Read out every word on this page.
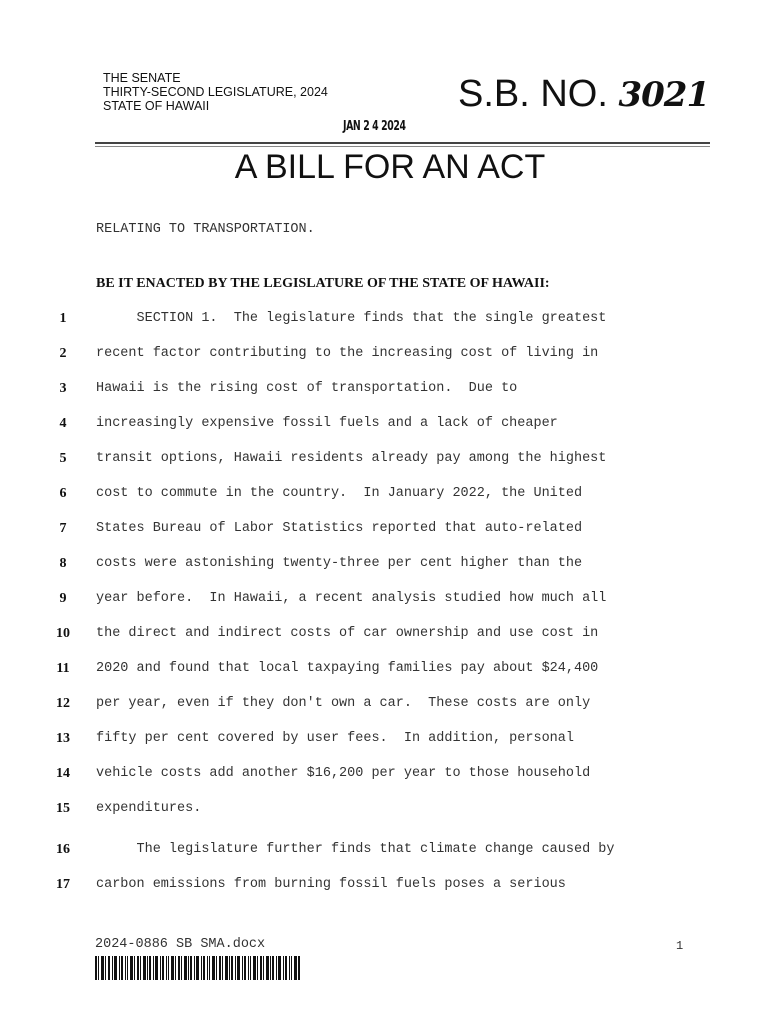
THE SENATE
THIRTY-SECOND LEGISLATURE, 2024
STATE OF HAWAII	S.B. NO. 3021
JAN 2 4 2024
A BILL FOR AN ACT
RELATING TO TRANSPORTATION.
BE IT ENACTED BY THE LEGISLATURE OF THE STATE OF HAWAII:
1	SECTION 1.  The legislature finds that the single greatest
2	recent factor contributing to the increasing cost of living in
3	Hawaii is the rising cost of transportation.  Due to
4	increasingly expensive fossil fuels and a lack of cheaper
5	transit options, Hawaii residents already pay among the highest
6	cost to commute in the country.  In January 2022, the United
7	States Bureau of Labor Statistics reported that auto-related
8	costs were astonishing twenty-three per cent higher than the
9	year before.  In Hawaii, a recent analysis studied how much all
10	the direct and indirect costs of car ownership and use cost in
11	2020 and found that local taxpaying families pay about $24,400
12	per year, even if they don't own a car.  These costs are only
13	fifty per cent covered by user fees.  In addition, personal
14	vehicle costs add another $16,200 per year to those household
15	expenditures.
16	The legislature further finds that climate change caused by
17	carbon emissions from burning fossil fuels poses a serious
2024-0886 SB SMA.docx	1
